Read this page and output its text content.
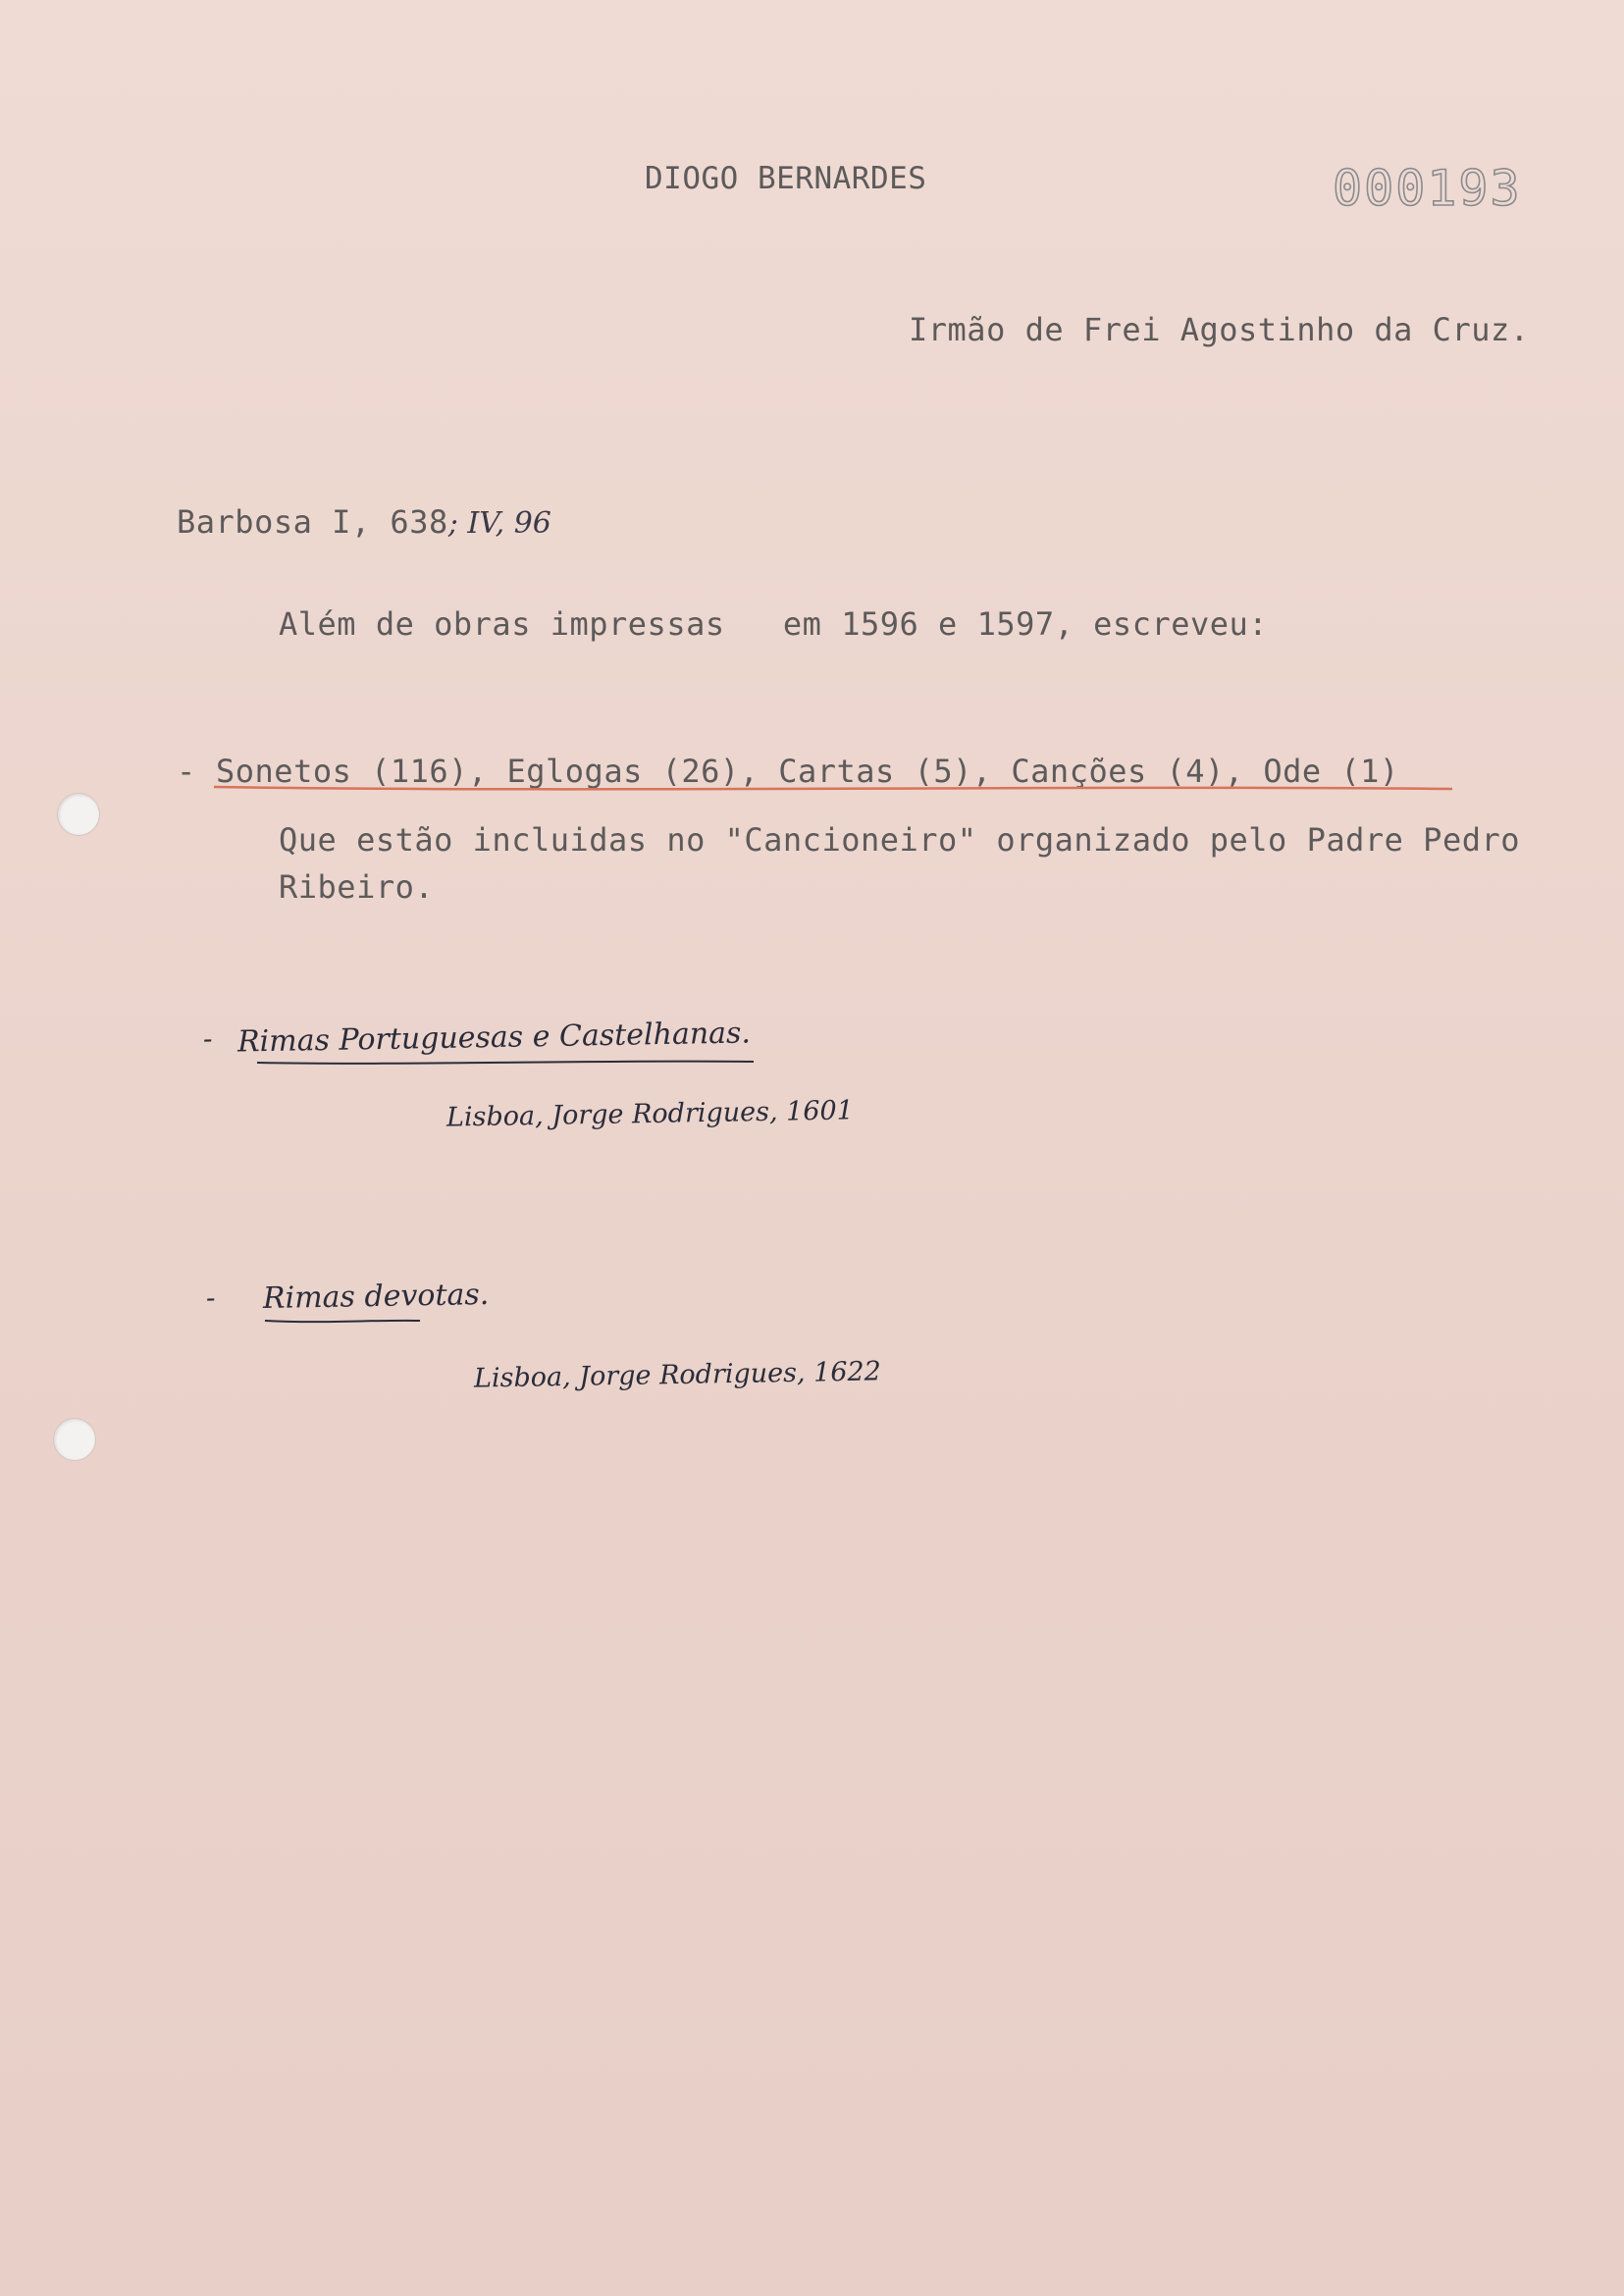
DIOGO BERNARDES	000193
Irmão de Frei Agostinho da Cruz.
Barbosa I, 638; IV, 96
Além de obras impressas   em 1596 e 1597, escreveu:
- Sonetos (116), Eglogas (26), Cartas (5), Canções (4), Ode (1)
Que estão incluidas no "Cancioneiro" organizado pelo Padre Pedro
Ribeiro.
- Rimas Portuguesas e Castelhanas.
Lisboa, Jorge Rodrigues, 1601
- Rimas devotas.
Lisboa, Jorge Rodrigues, 1622
